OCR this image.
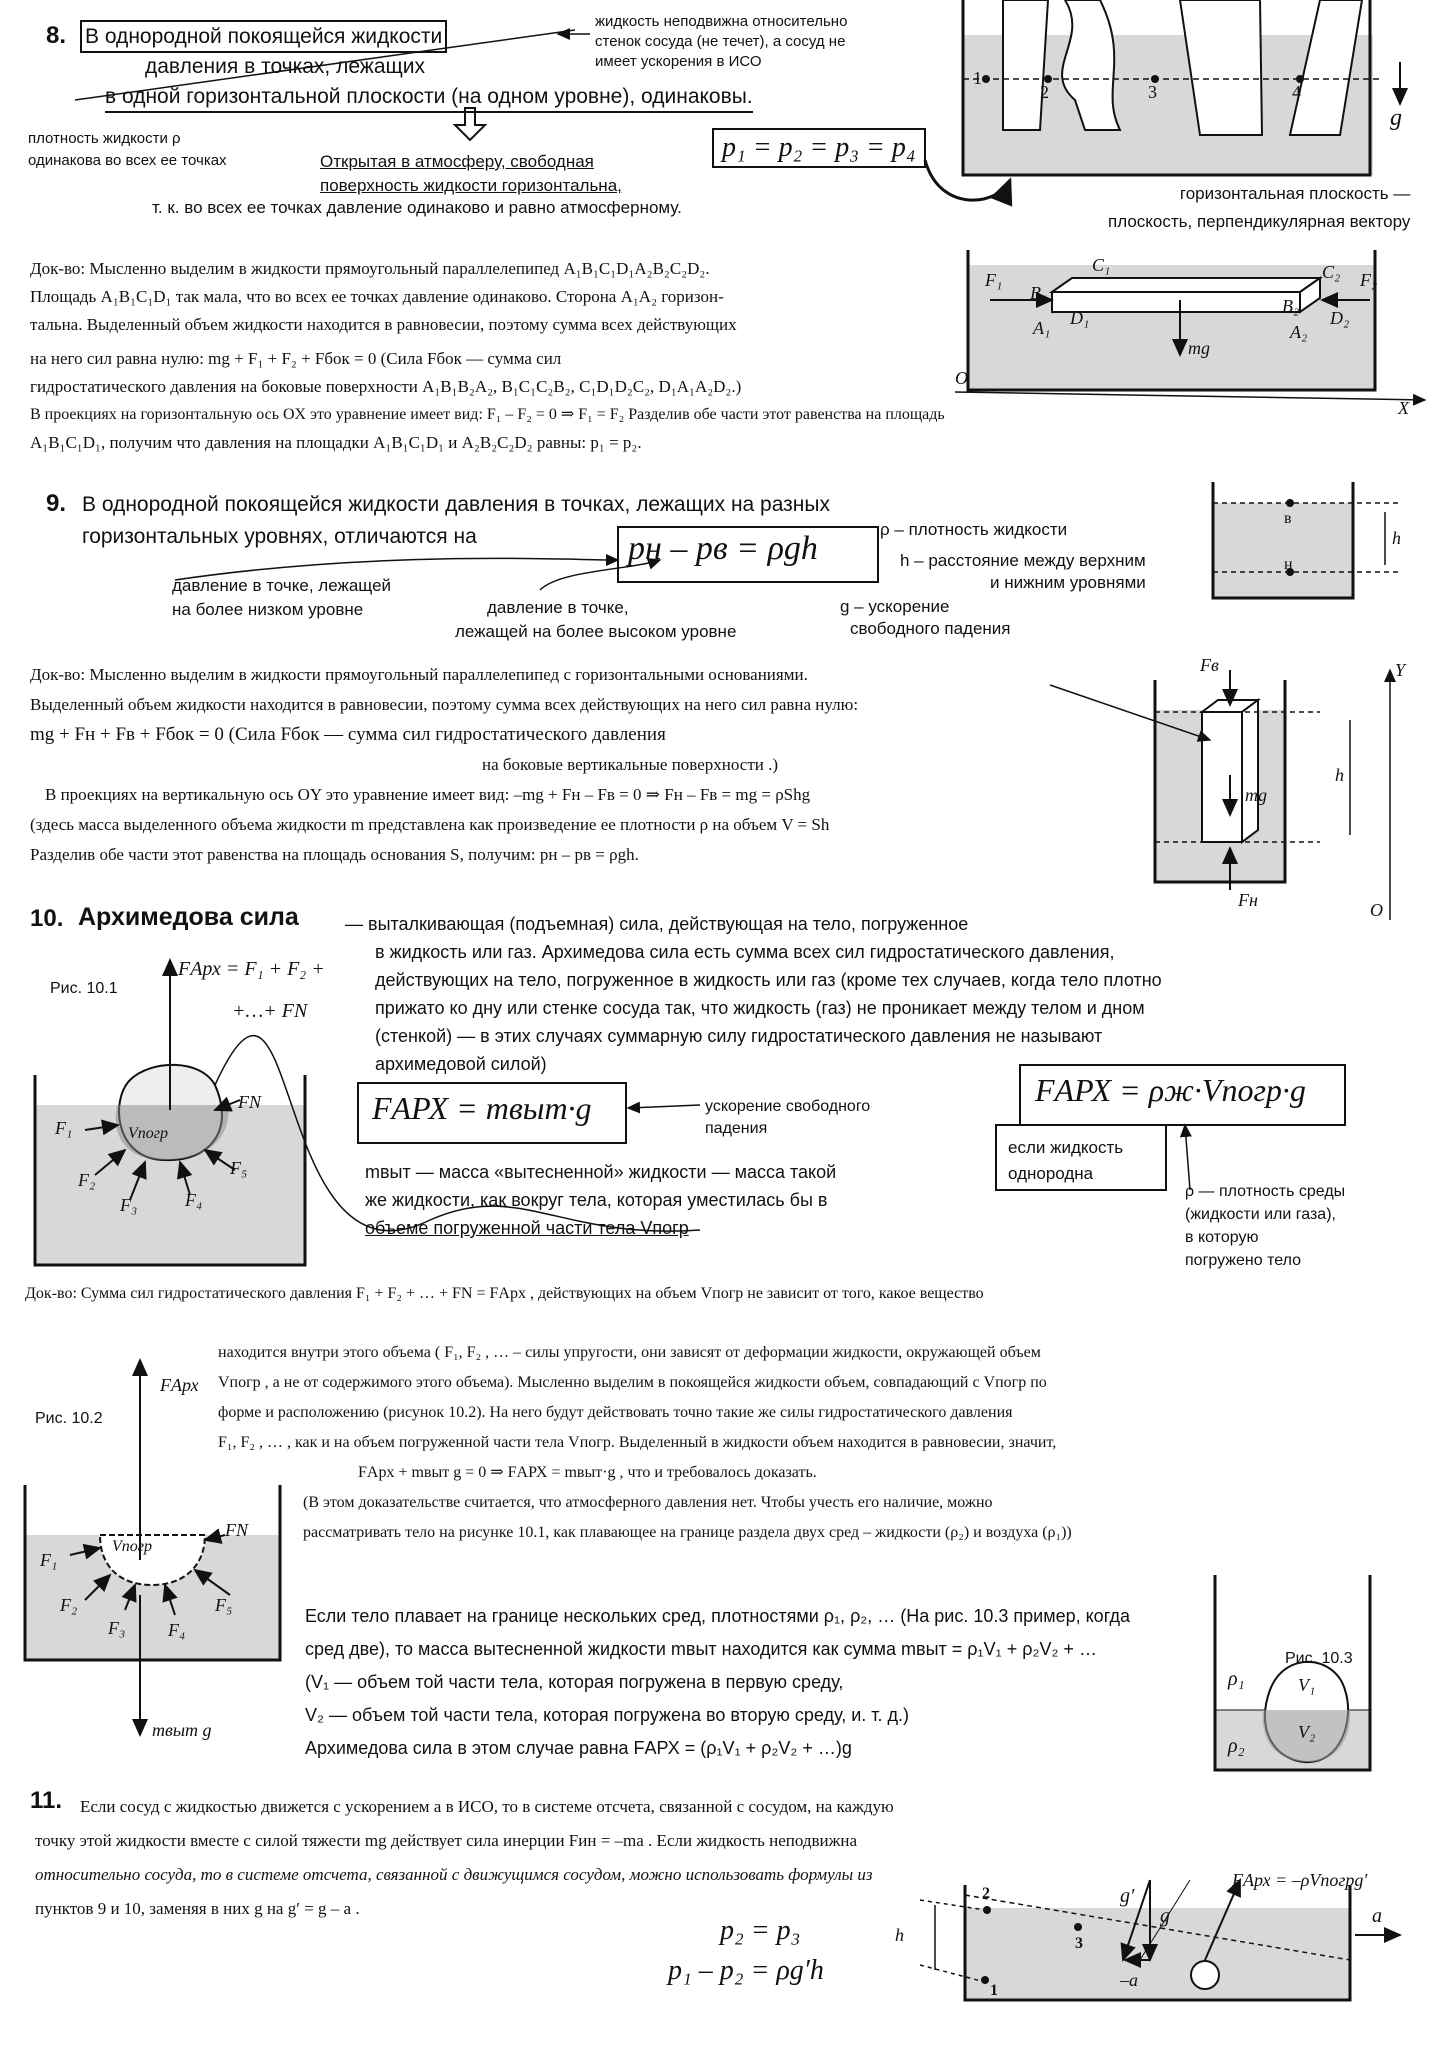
8. В однородной покоящейся жидкости
давления в точках, лежащих
в одной горизонтальной плоскости (на одном уровне), одинаковы.
жидкость неподвижна относительно
стенок сосуда (не течет), а сосуд не
имеет ускорения в ИСО
плотность жидкости ρ
одинакова во всех ее точках	Открытая в атмосферу, свободная
поверхность жидкости горизонтальна,
т. к. во всех ее точках давление одинаково и равно атмосферному.
p₁ = p₂ = p₃ = p₄
1
2	3	4
g
горизонтальная плоскость —
плоскость, перпендикулярная вектору
Док-во: Мысленно выделим в жидкости прямоугольный параллелепипед A₁B₁C₁D₁A₂B₂C₂D₂.
Площадь A₁B₁C₁D₁ так мала, что во всех ее точках давление одинаково. Сторона A₁A₂ горизон-
тальна. Выделенный объем жидкости находится в равновесии, поэтому сумма всех действующих
на него сил равна нулю: mg + F₁ + F₂ + Fбок = 0 (Сила Fбок — сумма сил
гидростатического давления на боковые поверхности A₁B₁B₂A₂, B₁C₁C₂B₂, C₁D₁D₂C₂, D₁A₁A₂D₂.)
В проекциях на горизонтальную ось OX это уравнение имеет вид: F₁ – F₂ = 0 ⇒ F₁ = F₂ Разделив обе части этот равенства на площадь
A₁B₁C₁D₁, получим что давления на площадки A₁B₁C₁D₁ и A₂B₂C₂D₂ равны: p₁ = p₂.
F₁
B₁
C₁	C₂ F₂
B₂
A₁ D₁	D₂
A₂
mg
O
X
9. В однородной покоящейся жидкости давления в точках, лежащих на разных
горизонтальных уровнях, отличаются на	pн – pв = ρgh
ρ – плотность жидкости
h – расстояние между верхним
и нижним уровнями
g – ускорение
свободного падения
давление в точке, лежащей
на более низком уровне	давление в точке,
лежащей на более высоком уровне
в
н
h
Док-во: Мысленно выделим в жидкости прямоугольный параллелепипед с горизонтальными основаниями.
Выделенный объем жидкости находится в равновесии, поэтому сумма всех действующих на него сил равна нулю:
mg + Fн + Fв + Fбок = 0 (Сила Fбок — сумма сил гидростатического давления
на боковые вертикальные поверхности .)
В проекциях на вертикальную ось OY это уравнение имеет вид: –mg + Fн – Fв = 0 ⇒ Fн – Fв = mg = ρShg
(здесь масса выделенного объема жидкости m представлена как произведение ее плотности ρ на объем V = Sh
Разделив обе части этот равенства на площадь основания S, получим: pн – pв = ρgh.
Fв	Y
h
mg
Fн	O
10. Архимедова сила	— выталкивающая (подъемная) сила, действующая на тело, погруженное
в жидкость или газ. Архимедова сила есть сумма всех сил гидростатического давления,
действующих на тело, погруженное в жидкость или газ (кроме тех случаев, когда тело плотно
прижато ко дну или стенке сосуда так, что жидкость (газ) не проникает между телом и дном
(стенкой) — в этих случаях суммарную силу гидростатического давления не называют
архимедовой силой)
Рис. 10.1
FАрх = F₁ + F₂ +
+…+ FN
FN
F₁
F₂
F₃	F₄
F₅
Vпогр
FАРХ = mвыт·g	ускорение свободного
падения
FАРХ = ρж·Vпогр·g
если жидкость
однородна
ρ — плотность среды
(жидкости или газа),
в которую
погружено тело
mвыт — масса «вытесненной» жидкости — масса такой
же жидкости, как вокруг тела, которая уместилась бы в
объеме погруженной части тела Vпогр
Док-во: Сумма сил гидростатического давления F₁ + F₂ + … + FN = FАрх , действующих на объем Vпогр не зависит от того, какое вещество
находится внутри этого объема ( F₁, F₂ , … – силы упругости, они зависят от деформации жидкости, окружающей объем
Vпогр , а не от содержимого этого объема). Мысленно выделим в покоящейся жидкости объем, совпадающий с Vпогр по
форме и расположению (рисунок 10.2). На него будут действовать точно такие же силы гидростатического давления
F₁, F₂ , … , как и на объем погруженной части тела Vпогр. Выделенный в жидкости объем находится в равновесии, значит,
FАрх + mвыт g = 0 ⇒ FАРХ = mвыт·g , что и требовалось доказать.
(В этом доказательстве считается, что атмосферного давления нет. Чтобы учесть его наличие, можно
рассматривать тело на рисунке 10.1, как плавающее на границе раздела двух сред – жидкости (ρ₂) и воздуха (ρ₁))
Рис. 10.2
FАрх
FN
F₁
F₂
F₃ F₄
F₅
Vпогр
mвыт g
Если тело плавает на границе нескольких сред, плотностями ρ₁, ρ₂, … (На рис. 10.3 пример, когда
сред две), то масса вытесненной жидкости mвыт находится как сумма mвыт = ρ₁V₁ + ρ₂V₂ + …
(V₁ — объем той части тела, которая погружена в первую среду,
V₂ — объем той части тела, которая погружена во вторую среду, и. т. д.)
Архимедова сила в этом случае равна FАРХ = (ρ₁V₁ + ρ₂V₂ + …)g
Рис. 10.3
ρ₁
ρ₂
V₁
V₂
11. Если сосуд с жидкостью движется с ускорением a в ИСО, то в системе отсчета, связанной с сосудом, на каждую
точку этой жидкости вместе с силой тяжести mg действует сила инерции Fин = –ma . Если жидкость неподвижна
относительно сосуда, то в системе отсчета, связанной с движущимся сосудом, можно использовать формулы из
пунктов 9 и 10, заменяя в них g на g′ = g – a .
p₂ = p₃
p₁ – p₂ = ρg′h
h
2
3
1
g′
g
–a
FАрх = –ρVпогрg′
a
